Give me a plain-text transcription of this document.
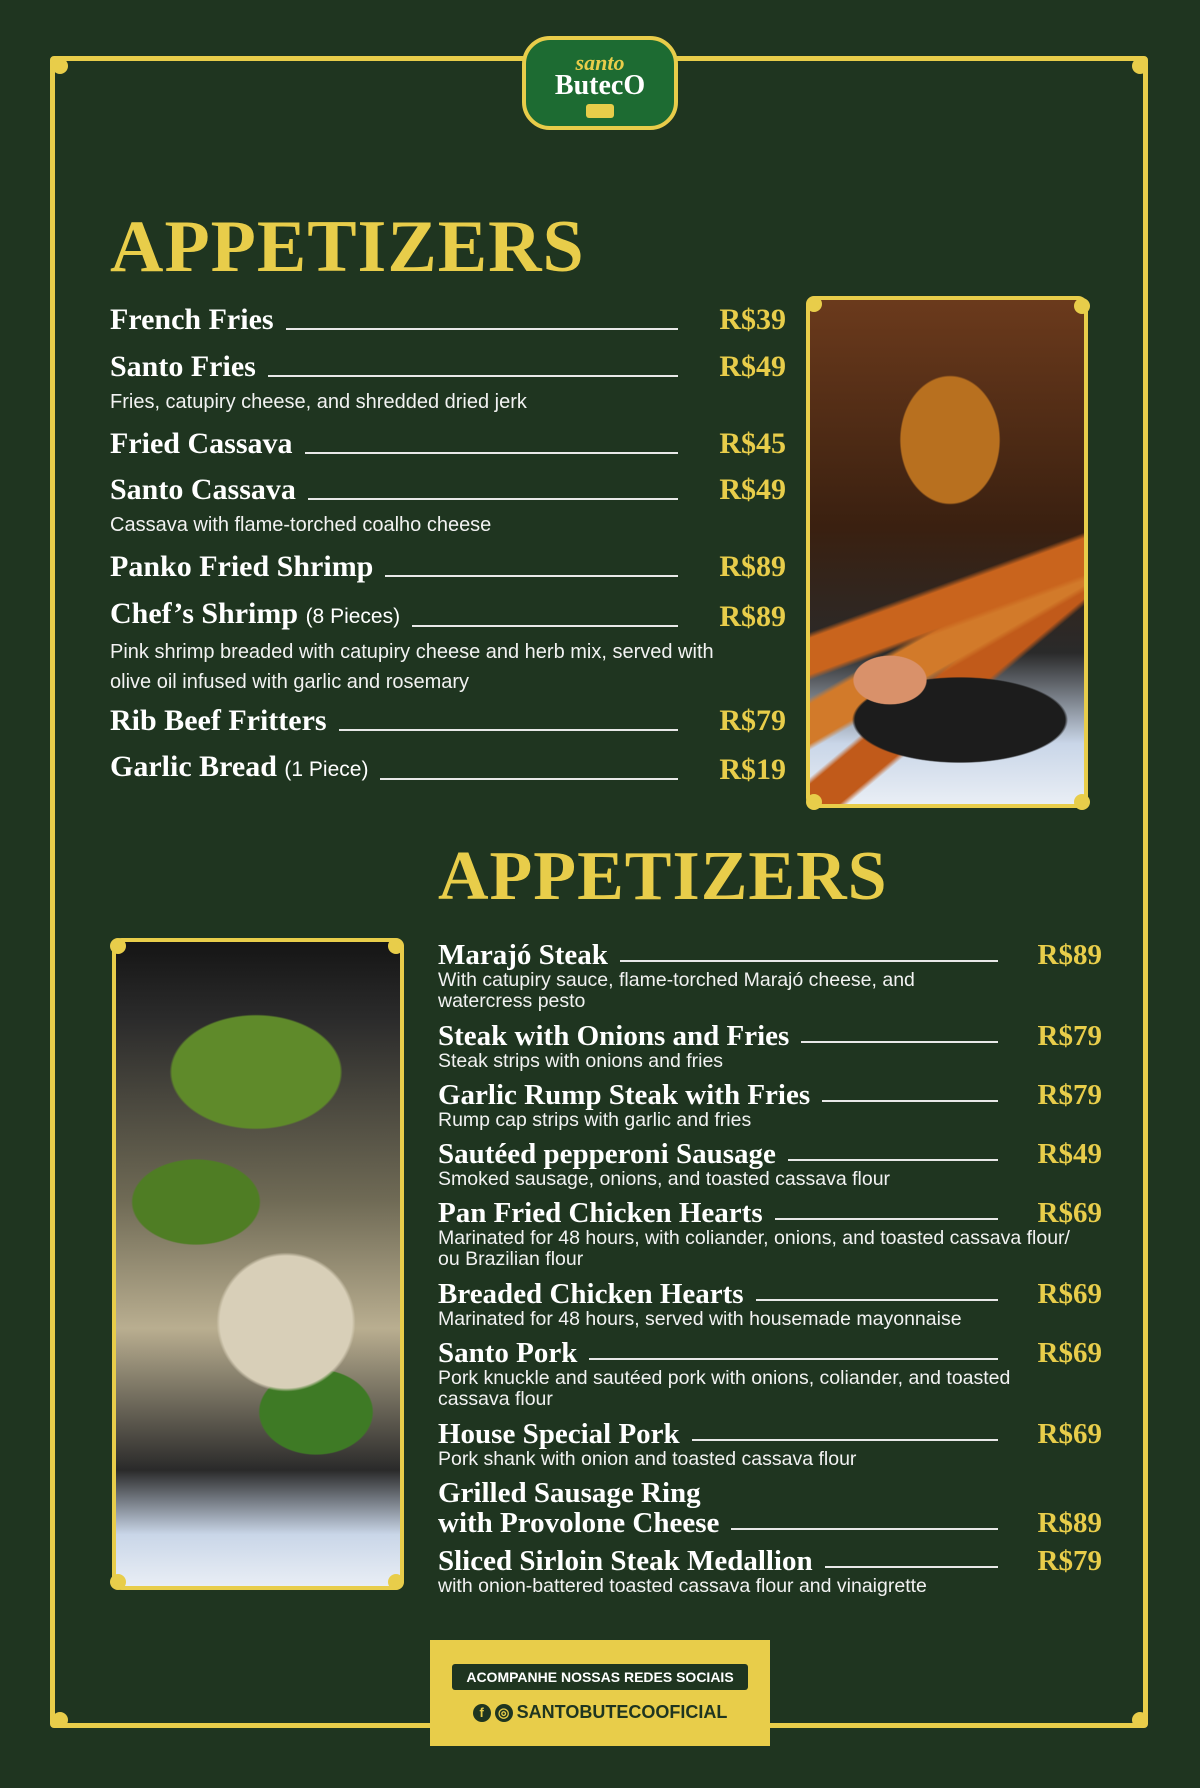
santo
ButecO
APPETIZERS
French Fries	R$39
Santo Fries	R$49
Fries, catupiry cheese, and shredded dried jerk
Fried Cassava	R$45
Santo Cassava	R$49
Cassava with flame-torched coalho cheese
Panko Fried Shrimp	R$89
Chef’s Shrimp (8 Pieces)	R$89
Pink shrimp breaded with catupiry cheese and herb mix, served with olive oil infused with garlic and rosemary
Rib Beef Fritters	R$79
Garlic Bread (1 Piece)	R$19
APPETIZERS
Marajó Steak	R$89
With catupiry sauce, flame-torched Marajó cheese, and watercress pesto
Steak with Onions and Fries	R$79
Steak strips with onions and fries
Garlic Rump Steak with Fries	R$79
Rump cap strips with garlic and fries
Sautéed pepperoni Sausage	R$49
Smoked sausage, onions, and toasted cassava flour
Pan Fried Chicken Hearts	R$69
Marinated for 48 hours, with coliander, onions, and toasted cassava flour/ ou Brazilian flour
Breaded Chicken Hearts	R$69
Marinated for 48 hours, served with housemade mayonnaise
Santo Pork	R$69
Pork knuckle and sautéed pork with onions, coliander, and toasted cassava flour
House Special Pork	R$69
Pork shank with onion and toasted cassava flour
Grilled Sausage Ring
with Provolone Cheese	R$89
Sliced Sirloin Steak Medallion	R$79
with onion-battered toasted cassava flour and vinaigrette
ACOMPANHE NOSSAS REDES SOCIAIS
f ◎ SANTOBUTECOOFICIAL
